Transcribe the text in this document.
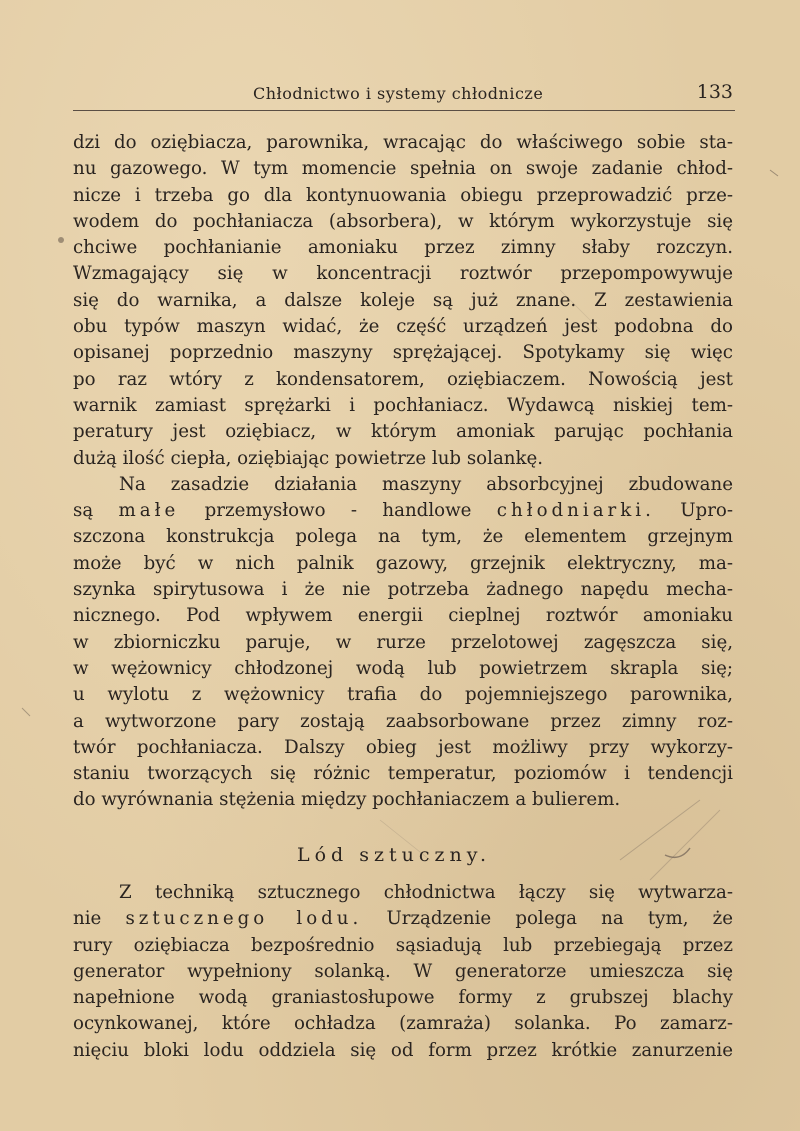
Chłodnictwo i systemy chłodnicze	133
dzi do oziębiacza, parownika, wracając do właściwego sobie sta-
nu gazowego. W tym momencie spełnia on swoje zadanie chłod-
nicze i trzeba go dla kontynuowania obiegu przeprowadzić prze-
wodem do pochłaniacza (absorbera), w którym wykorzystuje się
chciwe pochłanianie amoniaku przez zimny słaby rozczyn.
Wzmagający się w koncentracji roztwór przepompowywuje
się do warnika, a dalsze koleje są już znane. Z zestawienia
obu typów maszyn widać, że część urządzeń jest podobna do
opisanej poprzednio maszyny sprężającej. Spotykamy się więc
po raz wtóry z kondensatorem, oziębiaczem. Nowością jest
warnik zamiast sprężarki i pochłaniacz. Wydawcą niskiej tem-
peratury jest oziębiacz, w którym amoniak parując pochłania
dużą ilość ciepła, oziębiając powietrze lub solankę.
Na zasadzie działania maszyny absorbcyjnej zbudowane
są małe przemysłowo - handlowe chłodniarki. Upro-
szczona konstrukcja polega na tym, że elementem grzejnym
może być w nich palnik gazowy, grzejnik elektryczny, ma-
szynka spirytusowa i że nie potrzeba żadnego napędu mecha-
nicznego. Pod wpływem energii cieplnej roztwór amoniaku
w zbiorniczku paruje, w rurze przelotowej zagęszcza się,
w wężownicy chłodzonej wodą lub powietrzem skrapla się;
u wylotu z wężownicy trafia do pojemniejszego parownika,
a wytworzone pary zostają zaabsorbowane przez zimny roz-
twór pochłaniacza. Dalszy obieg jest możliwy przy wykorzy-
staniu tworzących się różnic temperatur, poziomów i tendencji
do wyrównania stężenia między pochłaniaczem a bulierem.
Lód sztuczny.
Z techniką sztucznego chłodnictwa łączy się wytwarza-
nie sztucznego lodu. Urządzenie polega na tym, że
rury oziębiacza bezpośrednio sąsiadują lub przebiegają przez
generator wypełniony solanką. W generatorze umieszcza się
napełnione wodą graniastosłupowe formy z grubszej blachy
ocynkowanej, które ochładza (zamraża) solanka. Po zamarz-
nięciu bloki lodu oddziela się od form przez krótkie zanurzenie
